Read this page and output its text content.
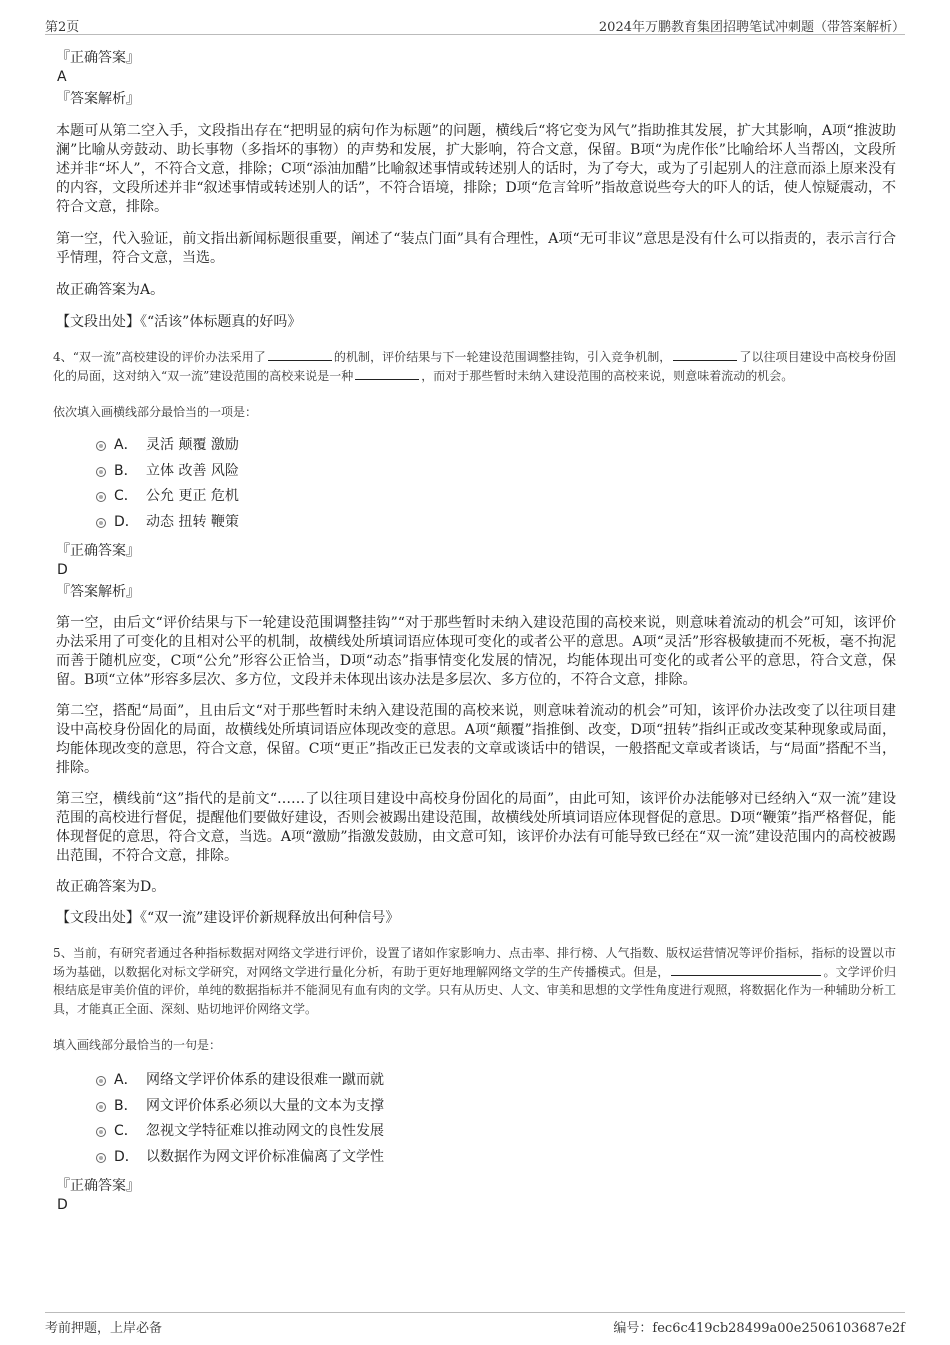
第2页	2024年万鹏教育集团招聘笔试冲刺题（带答案解析）

『正确答案』

A

『答案解析』

本题可从第二空入手，文段指出存在“把明显的病句作为标题”的问题，横线后“将它变为风气”指助推其发展，扩大其影响，A项“推波助澜”比喻从旁鼓动、助长事物（多指坏的事物）的声势和发展，扩大影响，符合文意，保留。B项“为虎作伥”比喻给坏人当帮凶，文段所述并非“坏人”，不符合文意，排除；C项“添油加醋”比喻叙述事情或转述别人的话时，为了夸大，或为了引起别人的注意而添上原来没有的内容，文段所述并非“叙述事情或转述别人的话”，不符合语境，排除；D项“危言耸听”指故意说些夸大的吓人的话，使人惊疑震动，不符合文意，排除。

第一空，代入验证，前文指出新闻标题很重要，阐述了“装点门面”具有合理性，A项“无可非议”意思是没有什么可以指责的，表示言行合乎情理，符合文意，当选。

故正确答案为A。

【文段出处】《“活该”体标题真的好吗》

4、“双一流”高校建设的评价办法采用了	的机制，评价结果与下一轮建设范围调整挂钩，引入竞争机制，	了以往项目建设中高校身份固化的局面，这对纳入“双一流”建设范围的高校来说是一种	，而对于那些暂时未纳入建设范围的高校来说，则意味着流动的机会。

依次填入画横线部分最恰当的一项是：

A． 灵活 颠覆 激励
B． 立体 改善 风险
C． 公允 更正 危机
D． 动态 扭转 鞭策

『正确答案』

D

『答案解析』

第一空，由后文“评价结果与下一轮建设范围调整挂钩”“对于那些暂时未纳入建设范围的高校来说，则意味着流动的机会”可知，该评价办法采用了可变化的且相对公平的机制，故横线处所填词语应体现可变化的或者公平的意思。A项“灵活”形容极敏捷而不死板，毫不拘泥而善于随机应变，C项“公允”形容公正恰当，D项“动态”指事情变化发展的情况，均能体现出可变化的或者公平的意思，符合文意，保留。B项“立体”形容多层次、多方位，文段并未体现出该办法是多层次、多方位的，不符合文意，排除。

第二空，搭配“局面”，且由后文“对于那些暂时未纳入建设范围的高校来说，则意味着流动的机会”可知，该评价办法改变了以往项目建设中高校身份固化的局面，故横线处所填词语应体现改变的意思。A项“颠覆”指推倒、改变，D项“扭转”指纠正或改变某种现象或局面，均能体现改变的意思，符合文意，保留。C项“更正”指改正已发表的文章或谈话中的错误，一般搭配文章或者谈话，与“局面”搭配不当，排除。

第三空，横线前“这”指代的是前文“……了以往项目建设中高校身份固化的局面”，由此可知，该评价办法能够对已经纳入“双一流”建设范围的高校进行督促，提醒他们要做好建设，否则会被踢出建设范围，故横线处所填词语应体现督促的意思。D项“鞭策”指严格督促，能体现督促的意思，符合文意，当选。A项“激励”指激发鼓励，由文意可知，该评价办法有可能导致已经在“双一流”建设范围内的高校被踢出范围，不符合文意，排除。

故正确答案为D。

【文段出处】《“双一流”建设评价新规释放出何种信号》

5、当前，有研究者通过各种指标数据对网络文学进行评价，设置了诸如作家影响力、点击率、排行榜、人气指数、版权运营情况等评价指标，指标的设置以市场为基础，以数据化对标文学研究，对网络文学进行量化分析，有助于更好地理解网络文学的生产传播模式。但是，	。文学评价归根结底是审美价值的评价，单纯的数据指标并不能洞见有血有肉的文学。只有从历史、人文、审美和思想的文学性角度进行观照，将数据化作为一种辅助分析工具，才能真正全面、深刻、贴切地评价网络文学。

填入画线部分最恰当的一句是：

A． 网络文学评价体系的建设很难一蹴而就
B． 网文评价体系必须以大量的文本为支撑
C． 忽视文学特征难以推动网文的良性发展
D． 以数据作为网文评价标准偏离了文学性

『正确答案』

D

考前押题，上岸必备	编号：fec6c419cb28499a00e2506103687e2f
